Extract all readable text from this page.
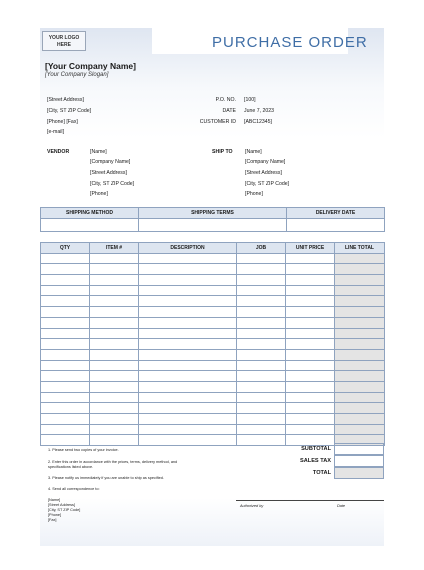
YOUR LOGO
HERE	PURCHASE ORDER
[Your Company Name]
[Your Company Slogan]
[Street Address]
[City, ST ZIP Code]
[Phone] [Fax]
[e-mail]
P.O. NO. [100]
DATE June 7, 2023
CUSTOMER ID [ABC12345]
VENDOR	[Name]
[Company Name]
[Street Address]
[City, ST ZIP Code]
[Phone]
SHIP TO [Name]
[Company Name]
[Street Address]
[City, ST ZIP Code]
[Phone]
SHIPPING METHOD	SHIPPING TERMS	DELIVERY DATE

QTY	ITEM #	DESCRIPTION	JOB	UNIT PRICE	LINE TOTAL

1. Please send two copies of your invoice.
2. Enter this order in accordance with the prices, terms, delivery method, and
specifications listed above.
3. Please notify us immediately if you are unable to ship as specified.
4. Send all correspondence to:
[Name]
[Street Address]
[City, ST ZIP Code]
[Phone]
[Fax]
SUBTOTAL
SALES TAX
TOTAL
Authorized by	Date
